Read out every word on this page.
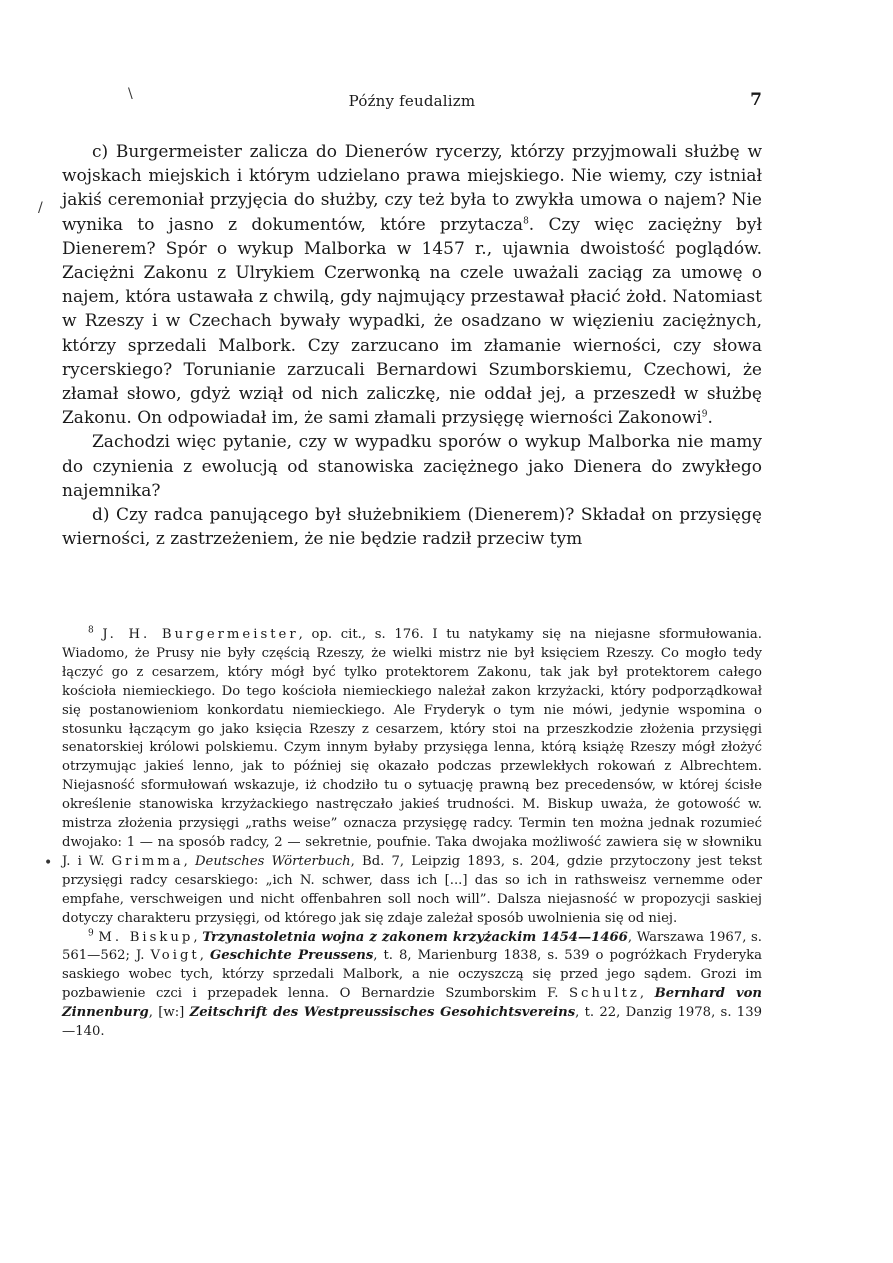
Późny feudalizm	7
\
/
•

c) Burgermeister zalicza do Dienerów rycerzy, którzy przyjmowali służbę w wojskach miejskich i którym udzielano prawa miejskiego. Nie wiemy, czy istniał jakiś ceremoniał przyjęcia do służby, czy też była to zwykła umowa o najem? Nie wynika to jasno z dokumentów, które przytacza$^8$. Czy więc zaciężny był Dienerem? Spór o wykup Malborka w 1457 r., ujawnia dwoistość poglądów. Zaciężni Zakonu z Ulrykiem Czerwonką na czele uważali zaciąg za umowę o najem, która ustawała z chwilą, gdy najmujący przestawał płacić żołd. Natomiast w Rzeszy i w Czechach bywały wypadki, że osadzano w więzieniu zaciężnych, którzy sprzedali Malbork. Czy zarzucano im złamanie wierności, czy słowa rycerskiego? Torunianie zarzucali Bernardowi Szumborskiemu, Czechowi, że złamał słowo, gdyż wziął od nich zaliczkę, nie oddał jej, a przeszedł w służbę Zakonu. On odpowiadał im, że sami złamali przysięgę wierności Zakonowi$^9$.

Zachodzi więc pytanie, czy w wypadku sporów o wykup Malborka nie mamy do czynienia z ewolucją od stanowiska zaciężnego jako Dienera do zwykłego najemnika?

d) Czy radca panującego był służebnikiem (Dienerem)? Składał on przysięgę wierności, z zastrzeżeniem, że nie będzie radził przeciw tym

$^8$ J. H. Burgermeister, op. cit., s. 176. I tu natykamy się na niejasne sformułowania. Wiadomo, że Prusy nie były częścią Rzeszy, że wielki mistrz nie był księciem Rzeszy. Co mogło tedy łączyć go z cesarzem, który mógł być tylko protektorem Zakonu, tak jak był protektorem całego kościoła niemieckiego. Do tego kościoła niemieckiego należał zakon krzyżacki, który podporządkował się postanowieniom konkordatu niemieckiego. Ale Fryderyk o tym nie mówi, jedynie wspomina o stosunku łączącym go jako księcia Rzeszy z cesarzem, który stoi na przeszkodzie złożenia przysięgi senatorskiej królowi polskiemu. Czym innym byłaby przysięga lenna, którą książę Rzeszy mógł złożyć otrzymując jakieś lenno, jak to później się okazało podczas przewlekłych rokowań z Albrechtem. Niejasność sformułowań wskazuje, iż chodziło tu o sytuację prawną bez precedensów, w której ścisłe określenie stanowiska krzyżackiego nastręczało jakieś trudności. M. Biskup uważa, że gotowość w. mistrza złożenia przysięgi „raths weise” oznacza przysięgę radcy. Termin ten można jednak rozumieć dwojako: 1 — na sposób radcy, 2 — sekretnie, poufnie. Taka dwojaka możliwość zawiera się w słowniku J. i W. Grimma, Deutsches Wörterbuch, Bd. 7, Leipzig 1893, s. 204, gdzie przytoczony jest tekst przysięgi radcy cesarskiego: „ich N. schwer, dass ich [...] das so ich in rathsweisz vernemme oder empfahe, verschweigen und nicht offenbahren soll noch will”. Dalsza niejasność w propozycji saskiej dotyczy charakteru przysięgi, od którego jak się zdaje zależał sposób uwolnienia się od niej.

$^9$ M. Biskup, Trzynastoletnia wojna z zakonem krzyżackim 1454—1466, Warszawa 1967, s. 561—562; J. Voigt, Geschichte Preussens, t. 8, Marienburg 1838, s. 539 o pogróżkach Fryderyka saskiego wobec tych, którzy sprzedali Malbork, a nie oczyszczą się przed jego sądem. Grozi im pozbawienie czci i przepadek lenna. O Bernardzie Szumborskim F. Schultz, Bernhard von Zinnenburg, [w:] Zeitschrift des Westpreussisches Gesohichtsvereins, t. 22, Danzig 1978, s. 139—140.
